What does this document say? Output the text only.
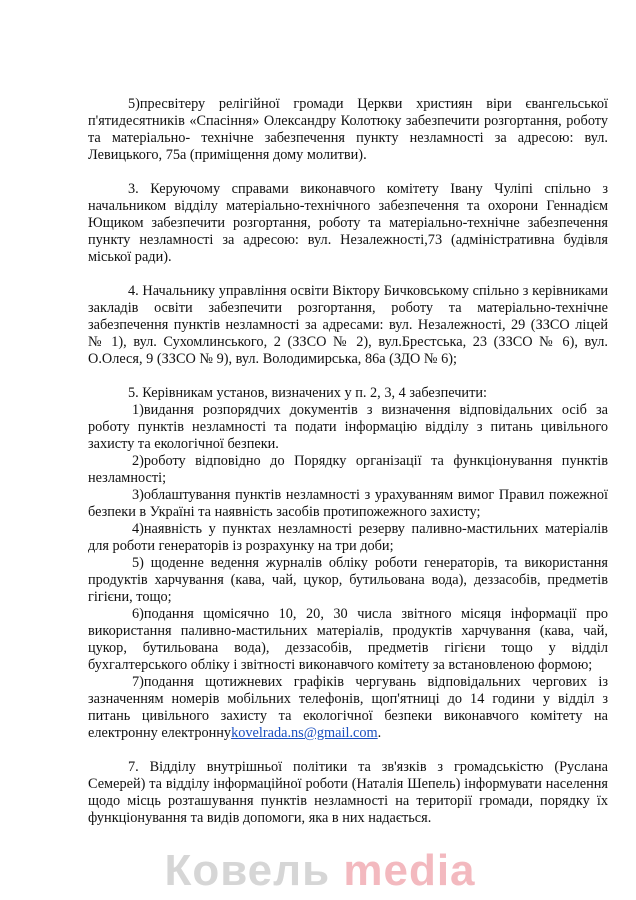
5)пресвітеру релігійної громади Церкви християн віри євангельської п'ятидесятників «Спасіння» Олександру Колотюку забезпечити розгортання, роботу та матеріально- технічне забезпечення пункту незламності за адресою: вул. Левицького, 75а (приміщення дому молитви).

3. Керуючому справами виконавчого комітету Івану Чуліпі спільно з начальником відділу матеріально-технічного забезпечення та охорони Геннадієм Ющиком забезпечити розгортання, роботу та матеріально-технічне забезпечення пункту незламності за адресою: вул. Незалежності,73 (адміністративна будівля міської ради).

4. Начальнику управління освіти Віктору Бичковському спільно з керівниками закладів освіти забезпечити розгортання, роботу та матеріально-технічне забезпечення пунктів незламності за адресами: вул. Незалежності, 29 (ЗЗСО ліцей № 1), вул. Сухомлинського, 2 (ЗЗСО № 2), вул.Брестська, 23 (ЗЗСО № 6), вул. О.Олеся, 9 (ЗЗСО № 9), вул. Володимирська, 86а (ЗДО № 6);

5. Керівникам установ, визначених у п. 2, 3, 4 забезпечити:

1)видання розпорядчих документів з визначення відповідальних осіб за роботу пунктів незламності та подати інформацію відділу з питань цивільного захисту та екологічної безпеки.

2)роботу відповідно до Порядку організації та функціонування пунктів незламності;

3)облаштування пунктів незламності з урахуванням вимог Правил пожежної безпеки в Україні та наявність засобів протипожежного захисту;

4)наявність у пунктах незламності резерву паливно-мастильних матеріалів для роботи генераторів із розрахунку на три доби;

5) щоденне ведення журналів обліку роботи генераторів, та використання продуктів харчування (кава, чай, цукор, бутильована вода), деззасобів, предметів гігієни, тощо;

6)подання щомісячно 10, 20, 30 числа звітного місяця інформації про використання паливно-мастильних матеріалів, продуктів харчування (кава, чай, цукор, бутильована вода), деззасобів, предметів гігієни тощо у відділ бухгалтерського обліку і звітності виконавчого комітету за встановленою формою;

7)подання щотижневих графіків чергувань відповідальних чергових із зазначенням номерів мобільних телефонів, щоп'ятниці до 14 години у відділ з питань цивільного захисту та екологічної безпеки виконавчого комітету на електронну електроннуkovelrada.ns@gmail.com.

7. Відділу внутрішньої політики та зв'язків з громадськістю (Руслана Семерей) та відділу інформаційної роботи (Наталія Шепель) інформувати населення щодо місць розташування пунктів незламності на території громади, порядку їх функціонування та видів допомоги, яка в них надається.

Ковель media
